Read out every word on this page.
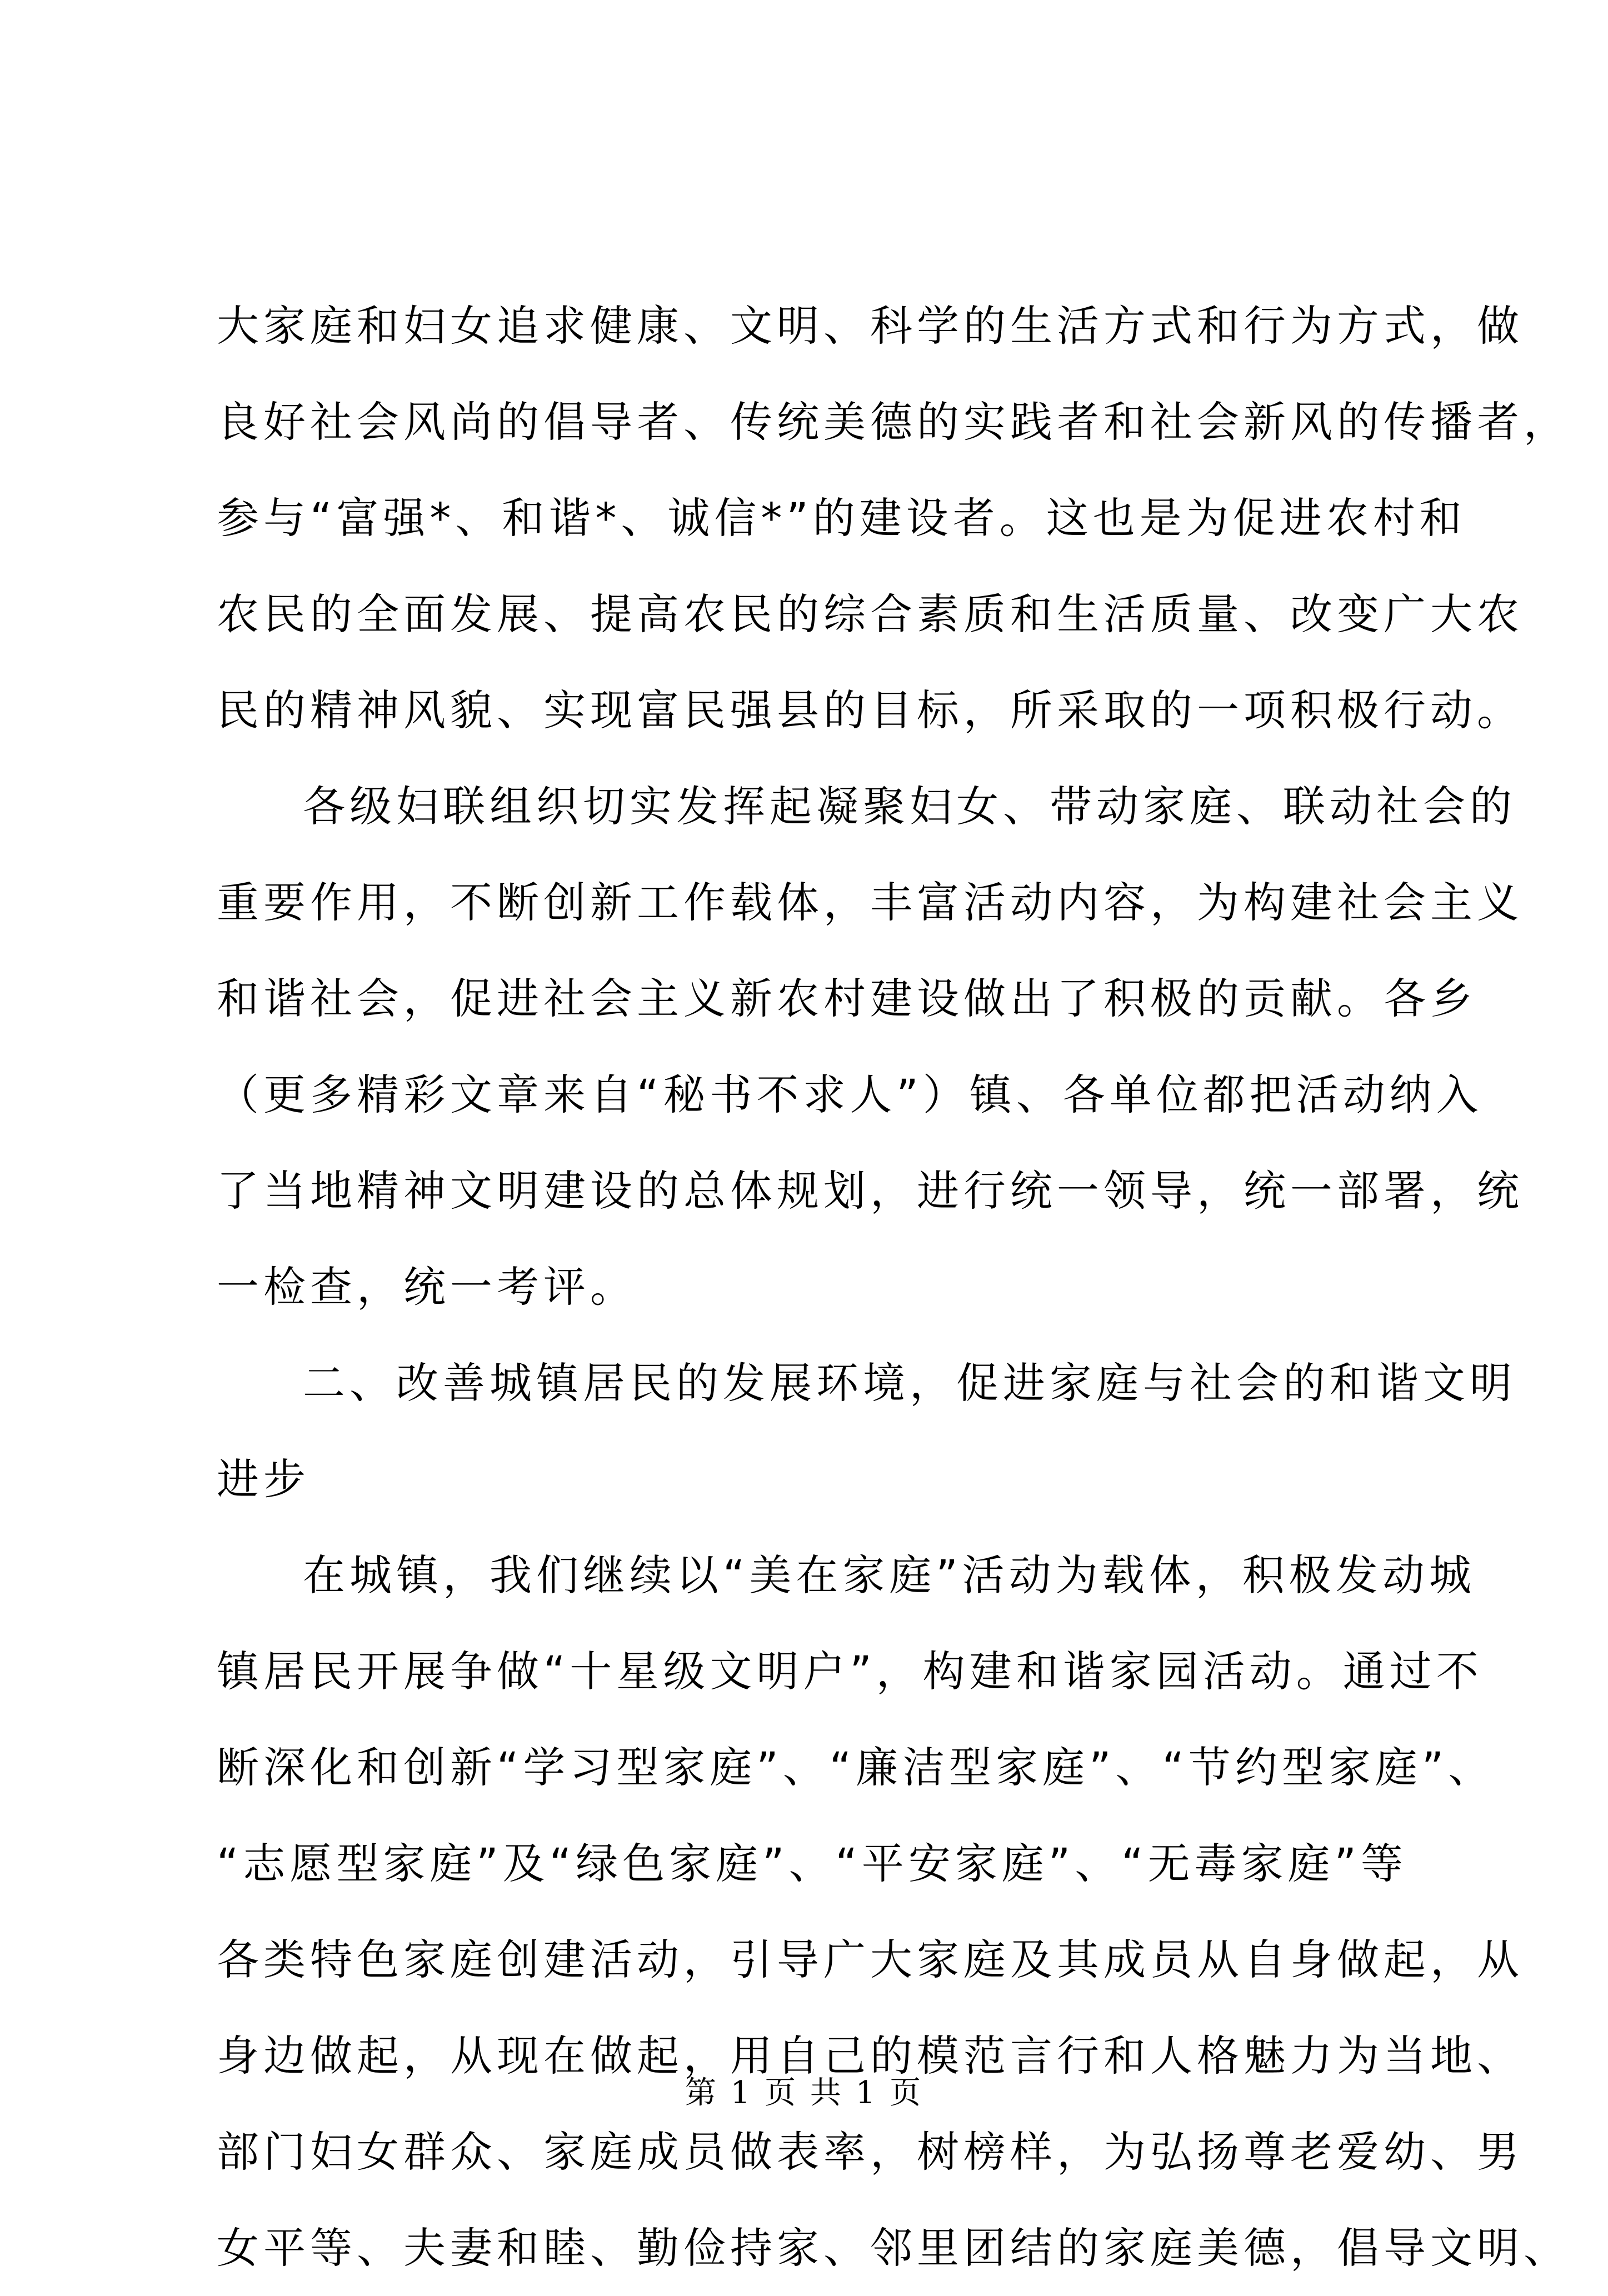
大家庭和妇女追求健康、文明、科学的生活方式和行为方式，做
良好社会风尚的倡导者、传统美德的实践者和社会新风的传播者，
参与“富强*、和谐*、诚信*”的建设者。这也是为促进农村和
农民的全面发展、提高农民的综合素质和生活质量、改变广大农
民的精神风貌、实现富民强县的目标，所采取的一项积极行动。
各级妇联组织切实发挥起凝聚妇女、带动家庭、联动社会的
重要作用，不断创新工作载体，丰富活动内容，为构建社会主义
和谐社会，促进社会主义新农村建设做出了积极的贡献。各乡
（更多精彩文章来自“秘书不求人”）镇、各单位都把活动纳入
了当地精神文明建设的总体规划，进行统一领导，统一部署，统
一检查，统一考评。
二、改善城镇居民的发展环境，促进家庭与社会的和谐文明
进步
在城镇，我们继续以“美在家庭”活动为载体，积极发动城
镇居民开展争做“十星级文明户”，构建和谐家园活动。通过不
断深化和创新“学习型家庭”、“廉洁型家庭”、“节约型家庭”、
“志愿型家庭”及“绿色家庭”、“平安家庭”、“无毒家庭”等
各类特色家庭创建活动，引导广大家庭及其成员从自身做起，从
身边做起，从现在做起，用自己的模范言行和人格魅力为当地、
部门妇女群众、家庭成员做表率，树榜样，为弘扬尊老爱幼、男
女平等、夫妻和睦、勤俭持家、邻里团结的家庭美德，倡导文明、
第 1 页 共 1 页
